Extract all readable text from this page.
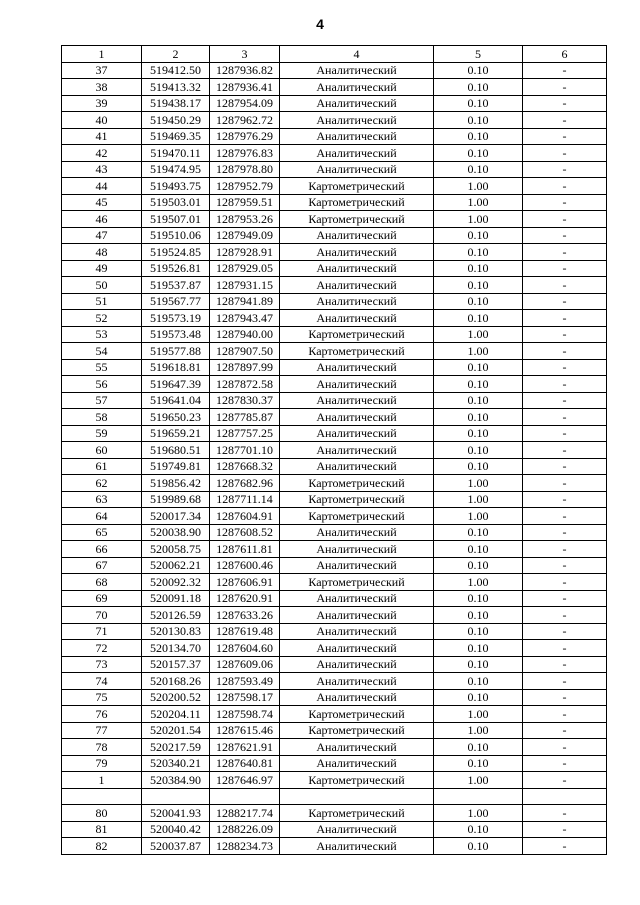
4
1	2	3	4	5	6
37	519412.50	1287936.82	Аналитический	0.10	-
38	519413.32	1287936.41	Аналитический	0.10	-
39	519438.17	1287954.09	Аналитический	0.10	-
40	519450.29	1287962.72	Аналитический	0.10	-
41	519469.35	1287976.29	Аналитический	0.10	-
42	519470.11	1287976.83	Аналитический	0.10	-
43	519474.95	1287978.80	Аналитический	0.10	-
44	519493.75	1287952.79	Картометрический	1.00	-
45	519503.01	1287959.51	Картометрический	1.00	-
46	519507.01	1287953.26	Картометрический	1.00	-
47	519510.06	1287949.09	Аналитический	0.10	-
48	519524.85	1287928.91	Аналитический	0.10	-
49	519526.81	1287929.05	Аналитический	0.10	-
50	519537.87	1287931.15	Аналитический	0.10	-
51	519567.77	1287941.89	Аналитический	0.10	-
52	519573.19	1287943.47	Аналитический	0.10	-
53	519573.48	1287940.00	Картометрический	1.00	-
54	519577.88	1287907.50	Картометрический	1.00	-
55	519618.81	1287897.99	Аналитический	0.10	-
56	519647.39	1287872.58	Аналитический	0.10	-
57	519641.04	1287830.37	Аналитический	0.10	-
58	519650.23	1287785.87	Аналитический	0.10	-
59	519659.21	1287757.25	Аналитический	0.10	-
60	519680.51	1287701.10	Аналитический	0.10	-
61	519749.81	1287668.32	Аналитический	0.10	-
62	519856.42	1287682.96	Картометрический	1.00	-
63	519989.68	1287711.14	Картометрический	1.00	-
64	520017.34	1287604.91	Картометрический	1.00	-
65	520038.90	1287608.52	Аналитический	0.10	-
66	520058.75	1287611.81	Аналитический	0.10	-
67	520062.21	1287600.46	Аналитический	0.10	-
68	520092.32	1287606.91	Картометрический	1.00	-
69	520091.18	1287620.91	Аналитический	0.10	-
70	520126.59	1287633.26	Аналитический	0.10	-
71	520130.83	1287619.48	Аналитический	0.10	-
72	520134.70	1287604.60	Аналитический	0.10	-
73	520157.37	1287609.06	Аналитический	0.10	-
74	520168.26	1287593.49	Аналитический	0.10	-
75	520200.52	1287598.17	Аналитический	0.10	-
76	520204.11	1287598.74	Картометрический	1.00	-
77	520201.54	1287615.46	Картометрический	1.00	-
78	520217.59	1287621.91	Аналитический	0.10	-
79	520340.21	1287640.81	Аналитический	0.10	-
1	520384.90	1287646.97	Картометрический	1.00	-

80	520041.93	1288217.74	Картометрический	1.00	-
81	520040.42	1288226.09	Аналитический	0.10	-
82	520037.87	1288234.73	Аналитический	0.10	-
